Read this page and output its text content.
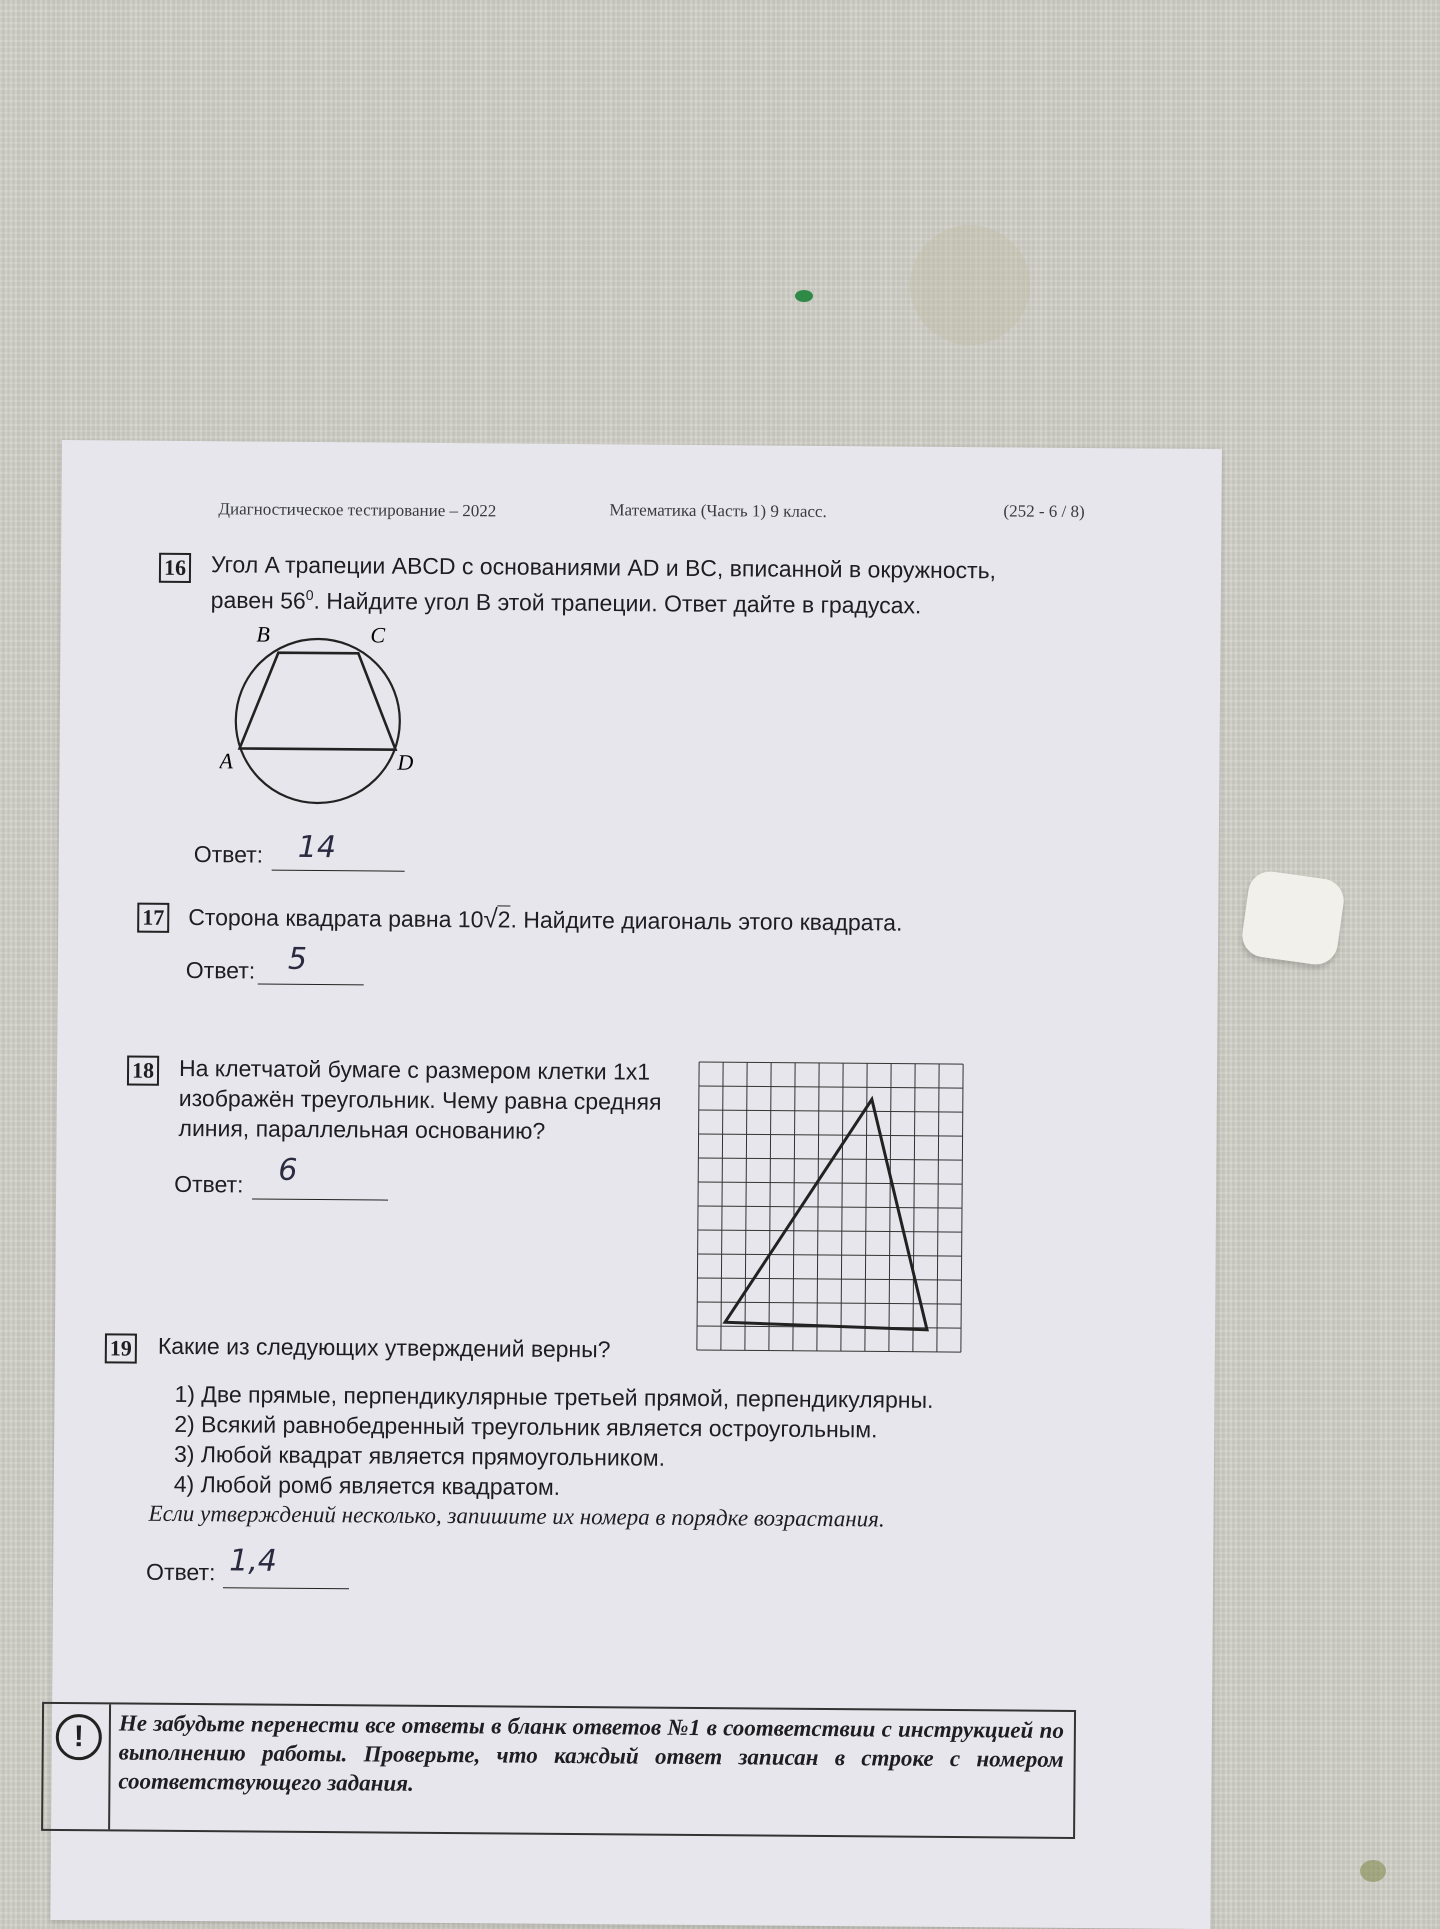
Диагностическое тестирование – 2022	Математика (Часть 1) 9 класс.	(252 - 6 / 8)
16 Угол A трапеции ABCD с основаниями AD и BC, вписанной в окружность,
равен $56^0$. Найдите угол B этой трапеции. Ответ дайте в градусах.
B	C
A	D
Ответ: 14
17 Сторона квадрата равна 10√2. Найдите диагональ этого квадрата.
Ответ: 5
18 На клетчатой бумаге с размером клетки 1x1
изображён треугольник. Чему равна средняя
линия, параллельная основанию?
Ответ: 6
19 Какие из следующих утверждений верны?
1) Две прямые, перпендикулярные третьей прямой, перпендикулярны.
2) Всякий равнобедренный треугольник является остроугольным.
3) Любой квадрат является прямоугольником.
4) Любой ромб является квадратом.
Если утверждений несколько, запишите их номера в порядке возрастания.
Ответ: 1,4
!	Не забудьте перенести все ответы в бланк ответов №1 в соответствии с инструкцией по выполнению работы. Проверьте, что каждый ответ записан в строке с номером соответствующего задания.
